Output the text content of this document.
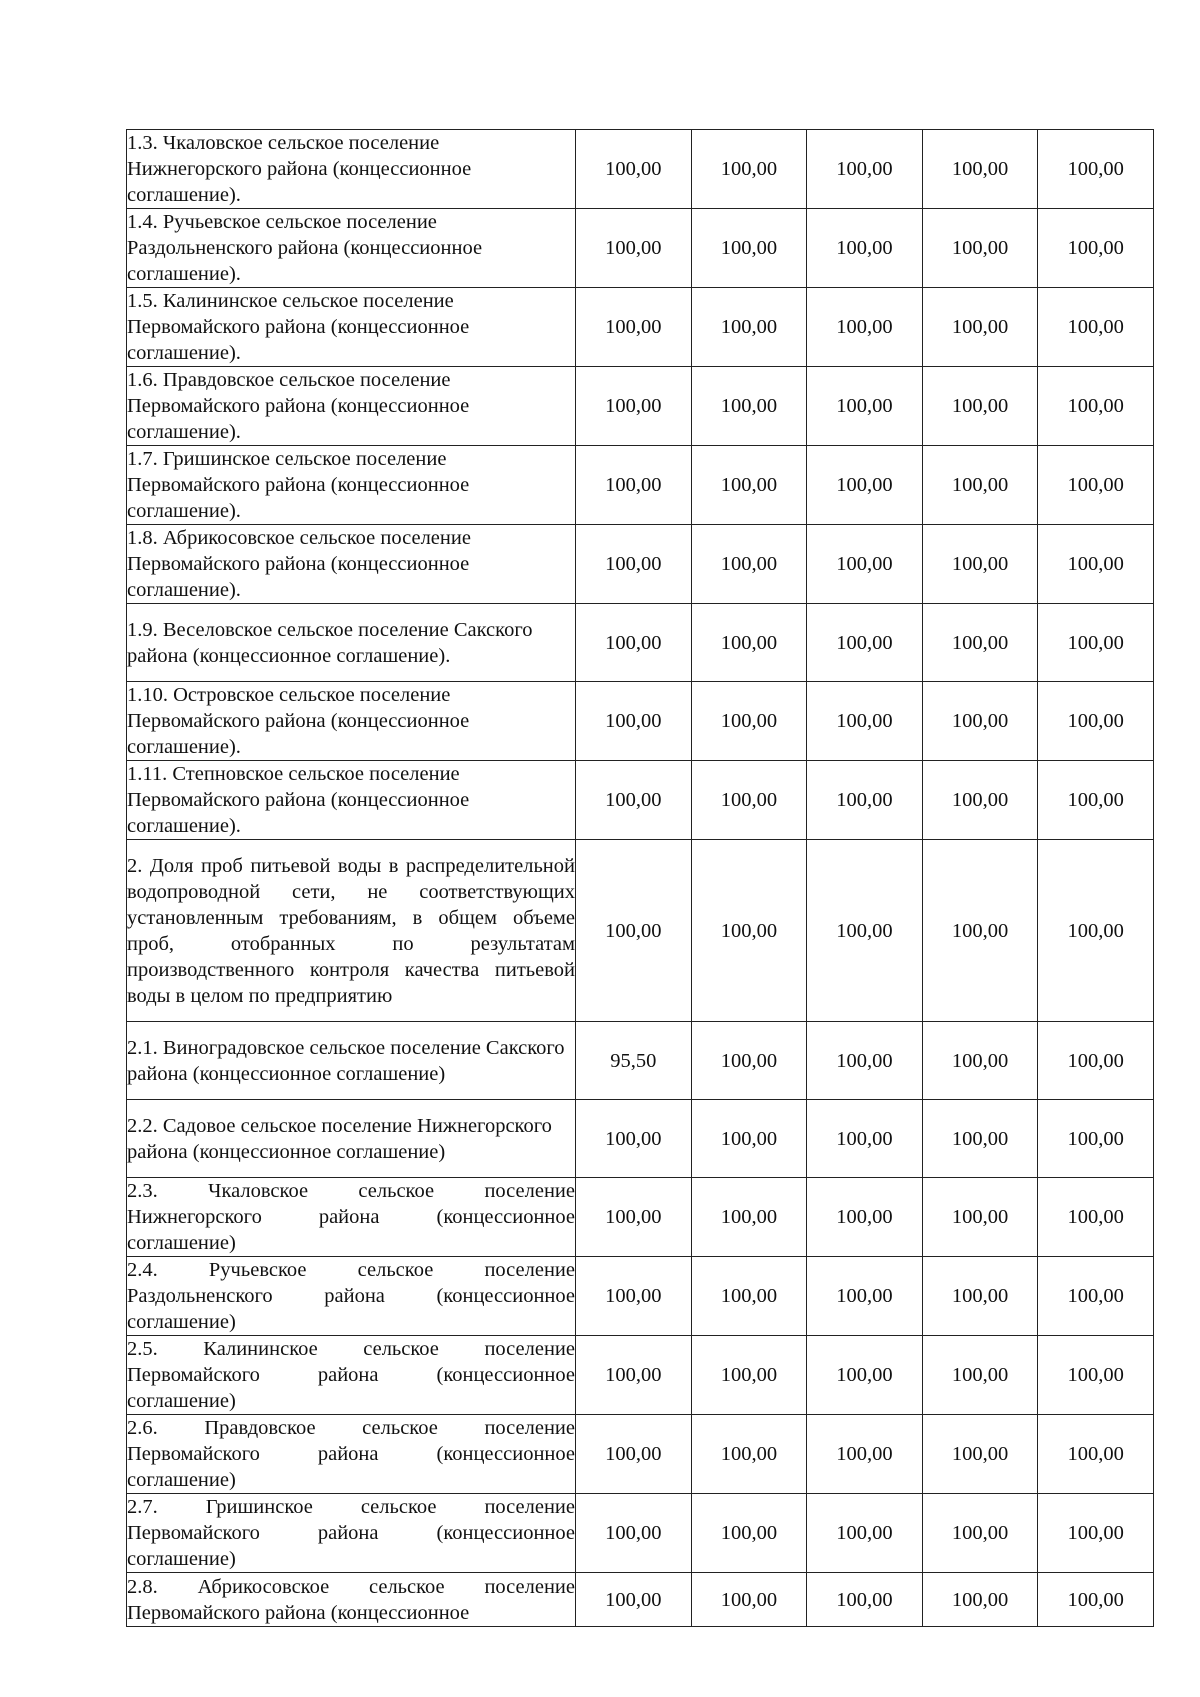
1.3. Чкаловское сельское поселение Нижнегорского района (концессионное соглашение).	100,00	100,00	100,00	100,00	100,00
1.4. Ручьевское сельское поселение Раздольненского района (концессионное соглашение).	100,00	100,00	100,00	100,00	100,00
1.5. Калининское сельское поселение Первомайского района (концессионное соглашение).	100,00	100,00	100,00	100,00	100,00
1.6. Правдовское сельское поселение Первомайского района (концессионное соглашение).	100,00	100,00	100,00	100,00	100,00
1.7. Гришинское сельское поселение Первомайского района (концессионное соглашение).	100,00	100,00	100,00	100,00	100,00
1.8. Абрикосовское сельское поселение Первомайского района (концессионное соглашение).	100,00	100,00	100,00	100,00	100,00
1.9. Веселовское сельское поселение Сакского района (концессионное соглашение).	100,00	100,00	100,00	100,00	100,00
1.10. Островское сельское поселение Первомайского района (концессионное соглашение).	100,00	100,00	100,00	100,00	100,00
1.11. Степновское сельское поселение Первомайского района (концессионное соглашение).	100,00	100,00	100,00	100,00	100,00
2. Доля проб питьевой воды в распределительной водопроводной сети, не соответствующих установленным требованиям, в общем объеме проб, отобранных по результатам производственного контроля качества питьевой воды в целом по предприятию	100,00	100,00	100,00	100,00	100,00
2.1. Виноградовское сельское поселение Сакского района (концессионное соглашение)	95,50	100,00	100,00	100,00	100,00
2.2. Садовое сельское поселение Нижнегорского района (концессионное соглашение)	100,00	100,00	100,00	100,00	100,00
2.3. Чкаловское сельское поселение Нижнегорского района (концессионное соглашение)	100,00	100,00	100,00	100,00	100,00
2.4. Ручьевское сельское поселение Раздольненского района (концессионное соглашение)	100,00	100,00	100,00	100,00	100,00
2.5. Калининское сельское поселение Первомайского района (концессионное соглашение)	100,00	100,00	100,00	100,00	100,00
2.6. Правдовское сельское поселение Первомайского района (концессионное соглашение)	100,00	100,00	100,00	100,00	100,00
2.7. Гришинское сельское поселение Первомайского района (концессионное соглашение)	100,00	100,00	100,00	100,00	100,00
2.8. Абрикосовское сельское поселение Первомайского района (концессионное	100,00	100,00	100,00	100,00	100,00
